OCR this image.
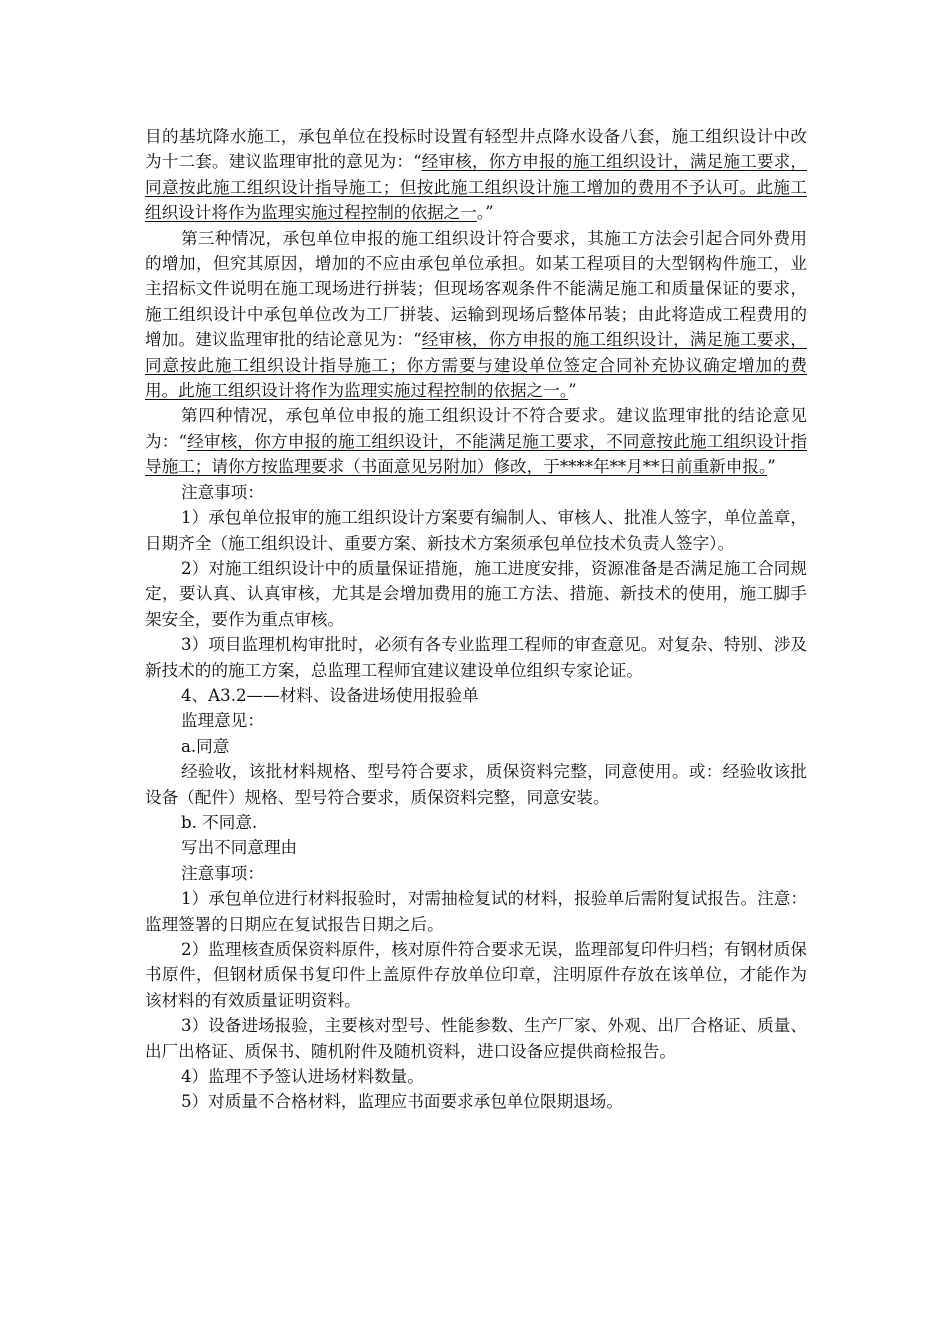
目的基坑降水施工，承包单位在投标时设置有轻型井点降水设备八套，施工组织设计中改为十二套。建议监理审批的意见为：“经审核，你方申报的施工组织设计，满足施工要求，同意按此施工组织设计指导施工；但按此施工组织设计施工增加的费用不予认可。此施工组织设计将作为监理实施过程控制的依据之一。”

第三种情况，承包单位申报的施工组织设计符合要求，其施工方法会引起合同外费用的增加，但究其原因，增加的不应由承包单位承担。如某工程项目的大型钢构件施工，业主招标文件说明在施工现场进行拼装；但现场客观条件不能满足施工和质量保证的要求，施工组织设计中承包单位改为工厂拼装、运输到现场后整体吊装；由此将造成工程费用的增加。建议监理审批的结论意见为：“经审核，你方申报的施工组织设计，满足施工要求，同意按此施工组织设计指导施工；你方需要与建设单位签定合同补充协议确定增加的费用。此施工组织设计将作为监理实施过程控制的依据之一。”

第四种情况，承包单位申报的施工组织设计不符合要求。建议监理审批的结论意见为：“经审核，你方申报的施工组织设计，不能满足施工要求，不同意按此施工组织设计指导施工；请你方按监理要求（书面意见另附加）修改，于****年**月**日前重新申报。”

注意事项：

1）承包单位报审的施工组织设计方案要有编制人、审核人、批准人签字，单位盖章，日期齐全（施工组织设计、重要方案、新技术方案须承包单位技术负责人签字）。

2）对施工组织设计中的质量保证措施，施工进度安排，资源准备是否满足施工合同规定，要认真、认真审核，尤其是会增加费用的施工方法、措施、新技术的使用，施工脚手架安全，要作为重点审核。

3）项目监理机构审批时，必须有各专业监理工程师的审查意见。对复杂、特别、涉及新技术的的施工方案，总监理工程师宜建议建设单位组织专家论证。

4、A3.2——材料、设备进场使用报验单

监理意见：

a.同意

经验收，该批材料规格、型号符合要求，质保资料完整，同意使用。或：经验收该批设备（配件）规格、型号符合要求，质保资料完整，同意安装。

b. 不同意.

写出不同意理由

注意事项：

1）承包单位进行材料报验时，对需抽检复试的材料，报验单后需附复试报告。注意：监理签署的日期应在复试报告日期之后。

2）监理核查质保资料原件，核对原件符合要求无误，监理部复印件归档；有钢材质保书原件，但钢材质保书复印件上盖原件存放单位印章，注明原件存放在该单位，才能作为该材料的有效质量证明资料。

3）设备进场报验，主要核对型号、性能参数、生产厂家、外观、出厂合格证、质量、出厂出格证、质保书、随机附件及随机资料，进口设备应提供商检报告。

4）监理不予签认进场材料数量。

5）对质量不合格材料，监理应书面要求承包单位限期退场。
